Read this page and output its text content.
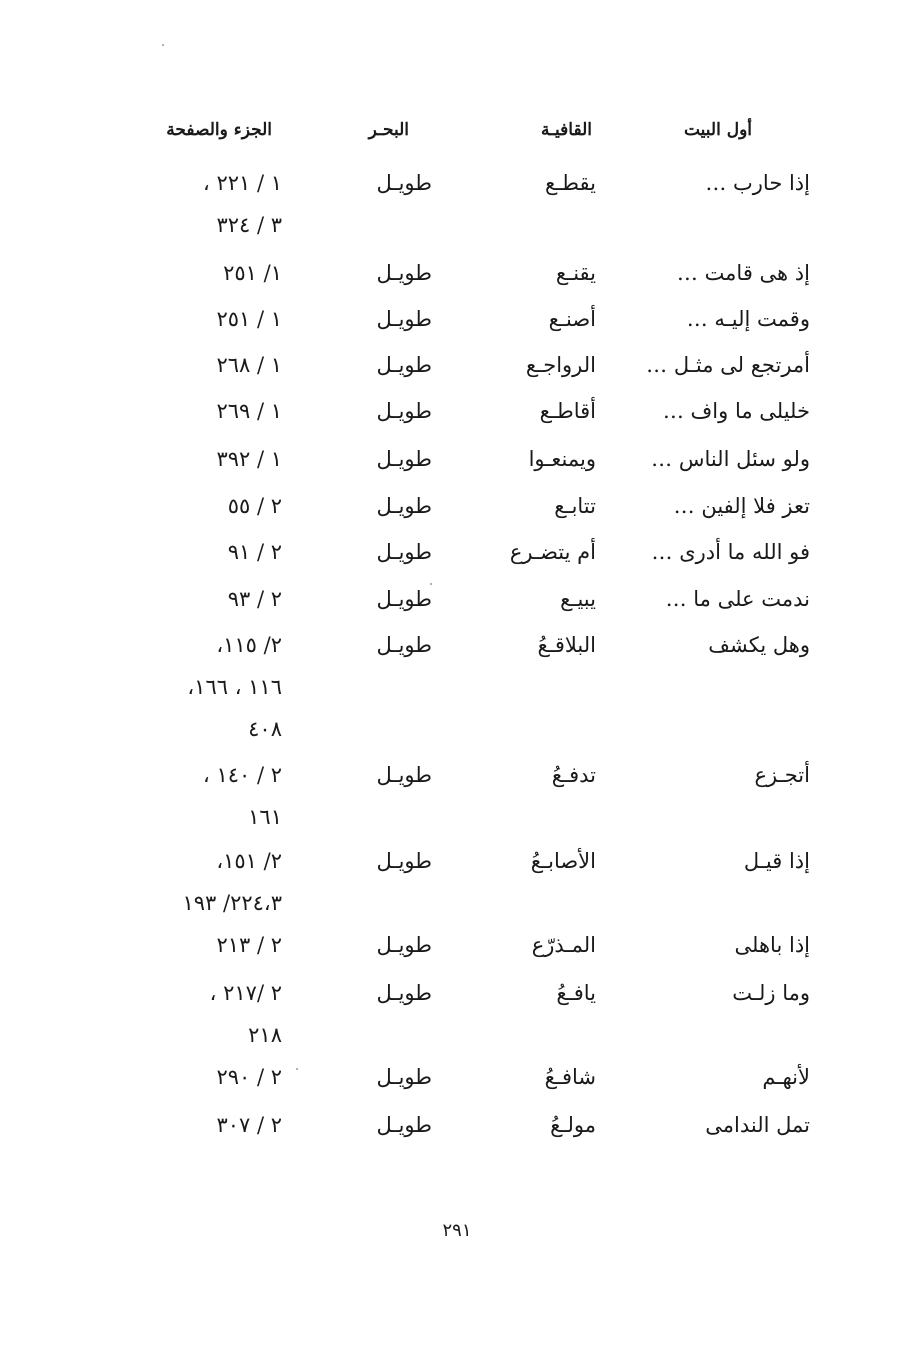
أول البيت
القافيـة
البحـر
الجزء والصفحة
إذا حارب …
يقطـع
طويـل
١ / ٢٢١ ،
٣ / ٣٢٤
إذ هى قامت …
يقنـع
طويـل
١/ ٢٥١
وقمت إليـه …
أصنـع
طويـل
١ / ٢٥١
أمرتجع لى مثـل …
الرواجـع
طويـل
١ / ٢٦٨
خليلى ما واف …
أقاطـع
طويـل
١ / ٢٦٩
ولو سئل الناس …
ويمنعـوا
طويـل
١ / ٣٩٢
تعز فلا إلفين …
تتابـع
طويـل
٢ / ٥٥
فو الله ما أدرى …
أم يتضـرع
طويـل
٢ / ٩١
ندمت على ما …
يبيـع
طويـل
٢ / ٩٣
وهل يكشف
البلاقـعُ
طويـل
٢/ ١١٥،
١١٦ ، ١٦٦،
٤٠٨
أتجـزع
تدفـعُ
طويـل
٢ / ١٤٠ ،
١٦١
إذا قيـل
الأصابـعُ
طويـل
٢/ ١٥١،
٢٢٤،٣/ ١٩٣
إذا باهلى
المـذرّع
طويـل
٢ / ٢١٣
وما زلـت
يافـعُ
طويـل
٢ /٢١٧ ،
٢١٨
لأنهـم
شافـعُ
طويـل
٢ / ٢٩٠
تمل الندامى
مولـعُ
طويـل
٢ / ٣٠٧
٢٩١
